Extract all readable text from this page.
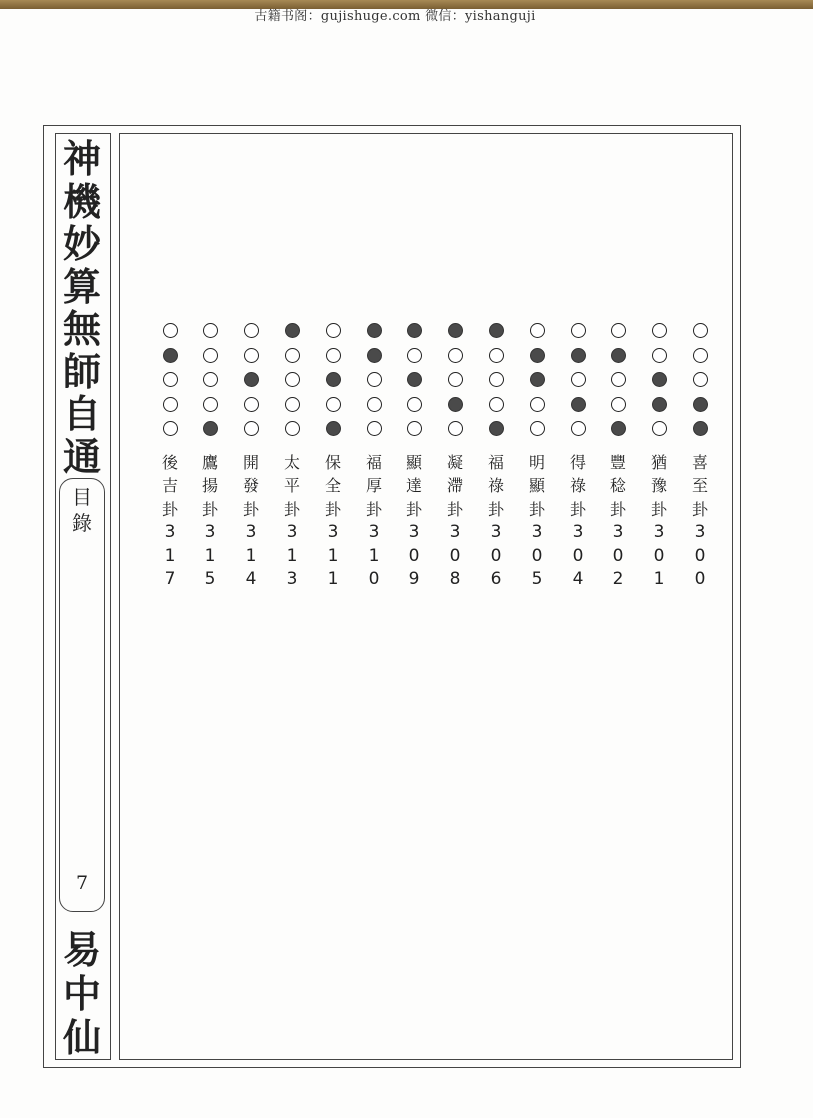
古籍书阁：gujishuge.com 微信：yishanguji
神
機
妙
算
無
師
自
通
目
錄
7
易
中
仙
喜
至
卦
3
0
0
猶
豫
卦
3
0
1
豐
稔
卦
3
0
2
得
祿
卦
3
0
4
明
顯
卦
3
0
5
福
祿
卦
3
0
6
凝
滯
卦
3
0
8
顯
達
卦
3
0
9
福
厚
卦
3
1
0
保
全
卦
3
1
1
太
平
卦
3
1
3
開
發
卦
3
1
4
鷹
揚
卦
3
1
5
後
吉
卦
3
1
7
